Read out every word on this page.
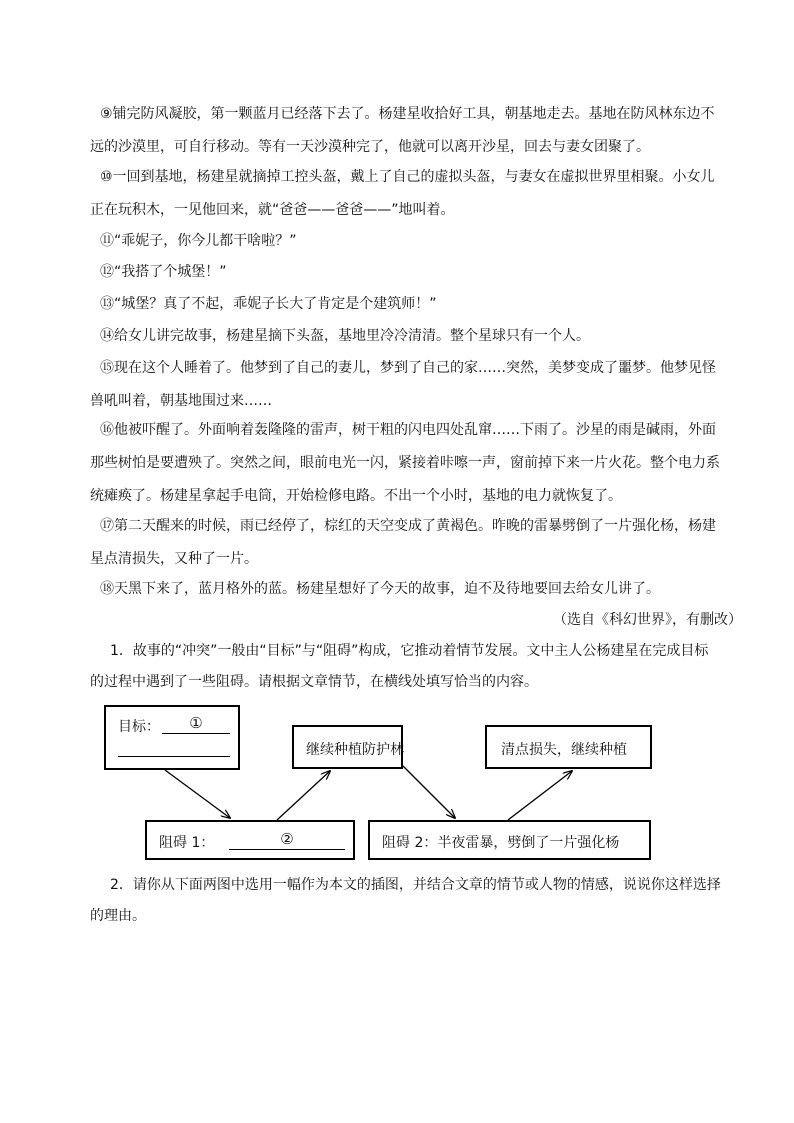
⑨铺完防风凝胶，第一颗蓝月已经落下去了。杨建星收拾好工具，朝基地走去。基地在防风林东边不远的沙漠里，可自行移动。等有一天沙漠种完了，他就可以离开沙星，回去与妻女团聚了。

⑩一回到基地，杨建星就摘掉工控头盔，戴上了自己的虚拟头盔，与妻女在虚拟世界里相聚。小女儿正在玩积木，一见他回来，就“爸爸——爸爸——”地叫着。

⑪“乖妮子，你今儿都干啥啦？”

⑫“我搭了个城堡！”

⑬“城堡？真了不起，乖妮子长大了肯定是个建筑师！”

⑭给女儿讲完故事，杨建星摘下头盔，基地里冷冷清清。整个星球只有一个人。

⑮现在这个人睡着了。他梦到了自己的妻儿，梦到了自己的家……突然，美梦变成了噩梦。他梦见怪兽吼叫着，朝基地围过来……

⑯他被吓醒了。外面响着轰隆隆的雷声，树干粗的闪电四处乱窜……下雨了。沙星的雨是碱雨，外面那些树怕是要遭殃了。突然之间，眼前电光一闪，紧接着咔嚓一声，窗前掉下来一片火花。整个电力系统瘫痪了。杨建星拿起手电筒，开始检修电路。不出一个小时，基地的电力就恢复了。

⑰第二天醒来的时候，雨已经停了，棕红的天空变成了黄褐色。昨晚的雷暴劈倒了一片强化杨，杨建星点清损失，又种了一片。

⑱天黑下来了，蓝月格外的蓝。杨建星想好了今天的故事，迫不及待地要回去给女儿讲了。

（选自《科幻世界》，有删改）

1．故事的“冲突”一般由“目标”与“阻碍”构成，它推动着情节发展。文中主人公杨建星在完成目标的过程中遇到了一些阻碍。请根据文章情节，在横线处填写恰当的内容。

目标：	①
继续种植防护林	清点损失，继续种植
阻碍 1：	②	阻碍 2：半夜雷暴，劈倒了一片强化杨

2．请你从下面两图中选用一幅作为本文的插图，并结合文章的情节或人物的情感，说说你这样选择的理由。
